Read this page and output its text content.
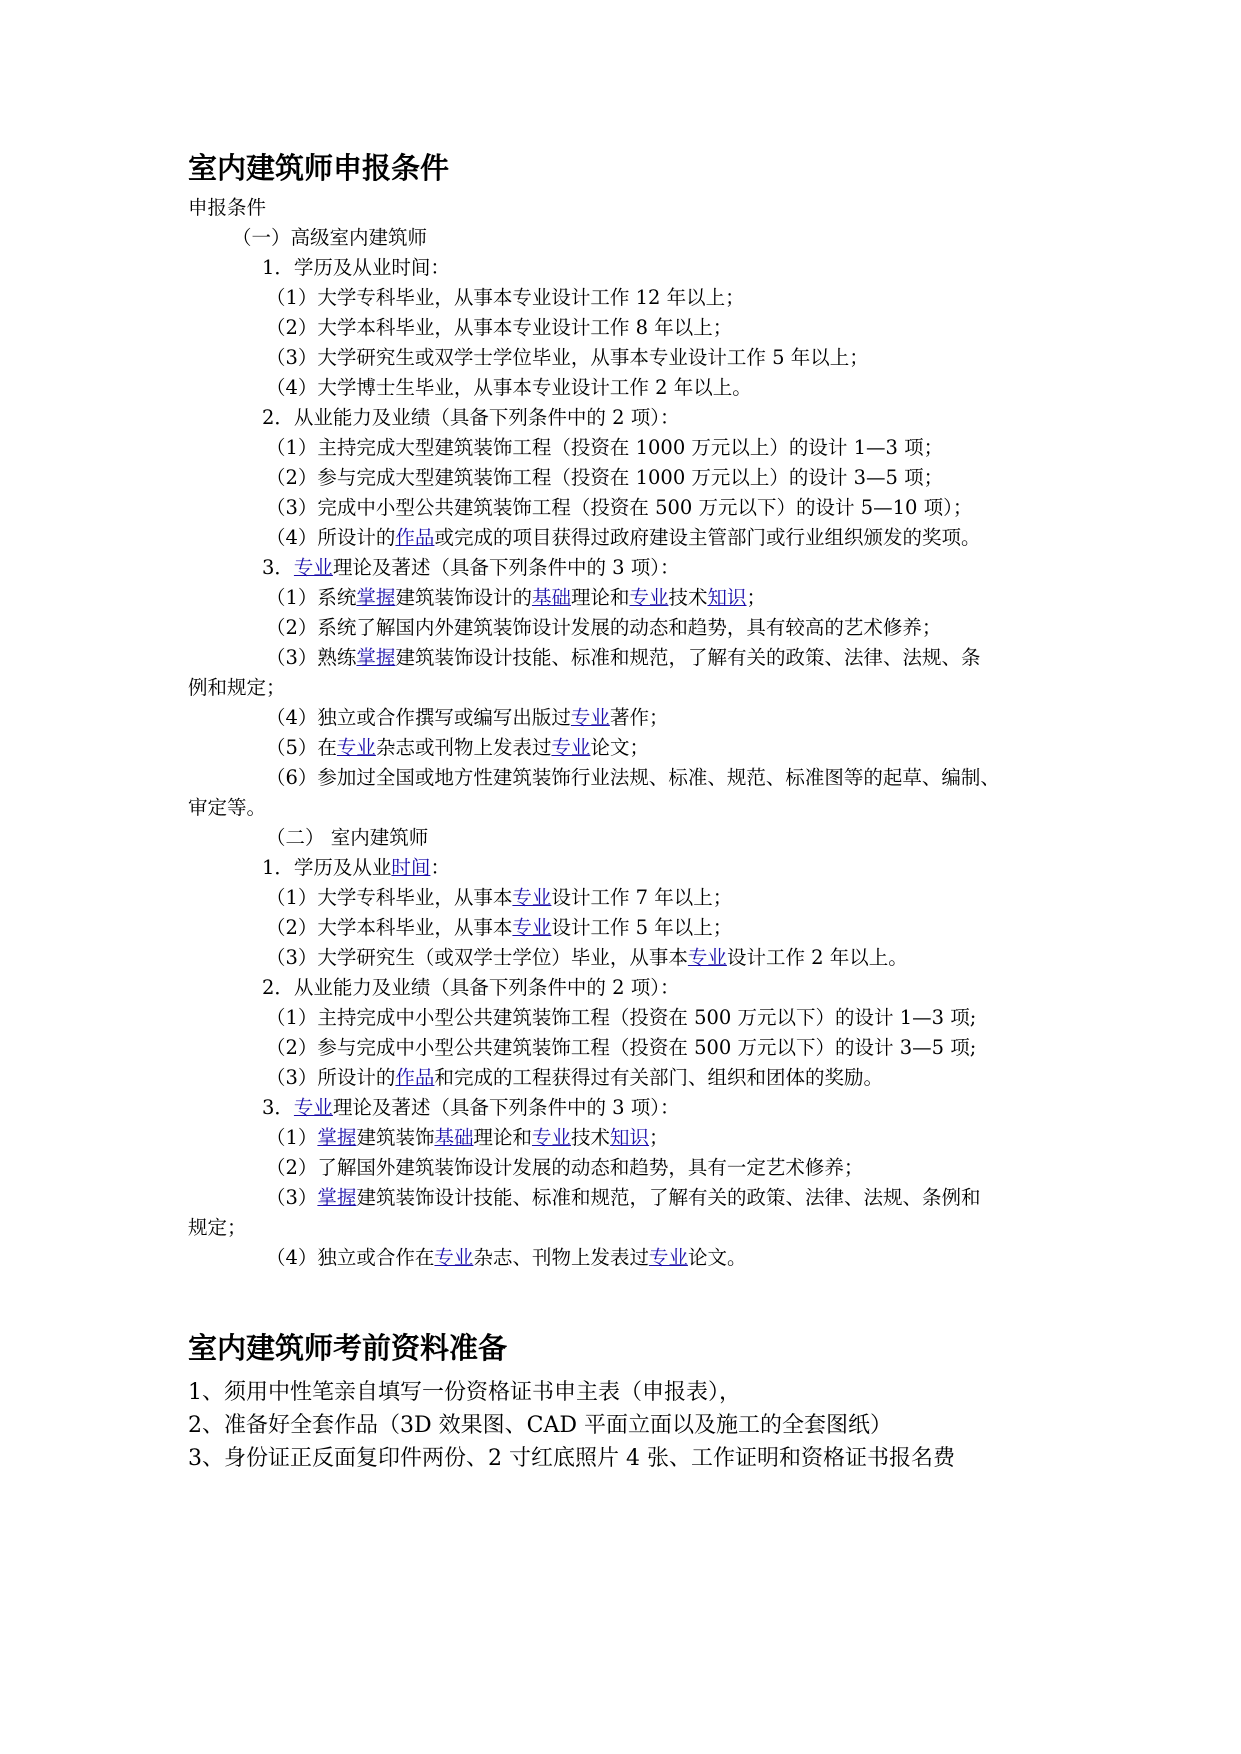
室内建筑师申报条件
申报条件
（一）高级室内建筑师
1．学历及从业时间：
（1）大学专科毕业，从事本专业设计工作 12 年以上；
（2）大学本科毕业，从事本专业设计工作 8 年以上；
（3）大学研究生或双学士学位毕业，从事本专业设计工作 5 年以上；
（4）大学博士生毕业，从事本专业设计工作 2 年以上。
2．从业能力及业绩（具备下列条件中的 2 项）：
（1）主持完成大型建筑装饰工程（投资在 1000 万元以上）的设计 1—3 项；
（2）参与完成大型建筑装饰工程（投资在 1000 万元以上）的设计 3—5 项；
（3）完成中小型公共建筑装饰工程（投资在 500 万元以下）的设计 5—10 项）；
（4）所设计的作品或完成的项目获得过政府建设主管部门或行业组织颁发的奖项。
3．专业理论及著述（具备下列条件中的 3 项）：
（1）系统掌握建筑装饰设计的基础理论和专业技术知识；
（2）系统了解国内外建筑装饰设计发展的动态和趋势，具有较高的艺术修养；
（3）熟练掌握建筑装饰设计技能、标准和规范，了解有关的政策、法律、法规、条
例和规定；
（4）独立或合作撰写或编写出版过专业著作；
（5）在专业杂志或刊物上发表过专业论文；
（6）参加过全国或地方性建筑装饰行业法规、标准、规范、标准图等的起草、编制、
审定等。
（二） 室内建筑师
1．学历及从业时间：
（1）大学专科毕业，从事本专业设计工作 7 年以上；
（2）大学本科毕业，从事本专业设计工作 5 年以上；
（3）大学研究生（或双学士学位）毕业，从事本专业设计工作 2 年以上。
2．从业能力及业绩（具备下列条件中的 2 项）：
（1）主持完成中小型公共建筑装饰工程（投资在 500 万元以下）的设计 1—3 项;
（2）参与完成中小型公共建筑装饰工程（投资在 500 万元以下）的设计 3—5 项;
（3）所设计的作品和完成的工程获得过有关部门、组织和团体的奖励。
3．专业理论及著述（具备下列条件中的 3 项）：
（1）掌握建筑装饰基础理论和专业技术知识；
（2）了解国外建筑装饰设计发展的动态和趋势，具有一定艺术修养；
（3）掌握建筑装饰设计技能、标准和规范，了解有关的政策、法律、法规、条例和
规定；
（4）独立或合作在专业杂志、刊物上发表过专业论文。
室内建筑师考前资料准备
1、须用中性笔亲自填写一份资格证书申主表（申报表），
2、准备好全套作品（3D 效果图、CAD 平面立面以及施工的全套图纸）
3、身份证正反面复印件两份、2 寸红底照片 4 张、工作证明和资格证书报名费
